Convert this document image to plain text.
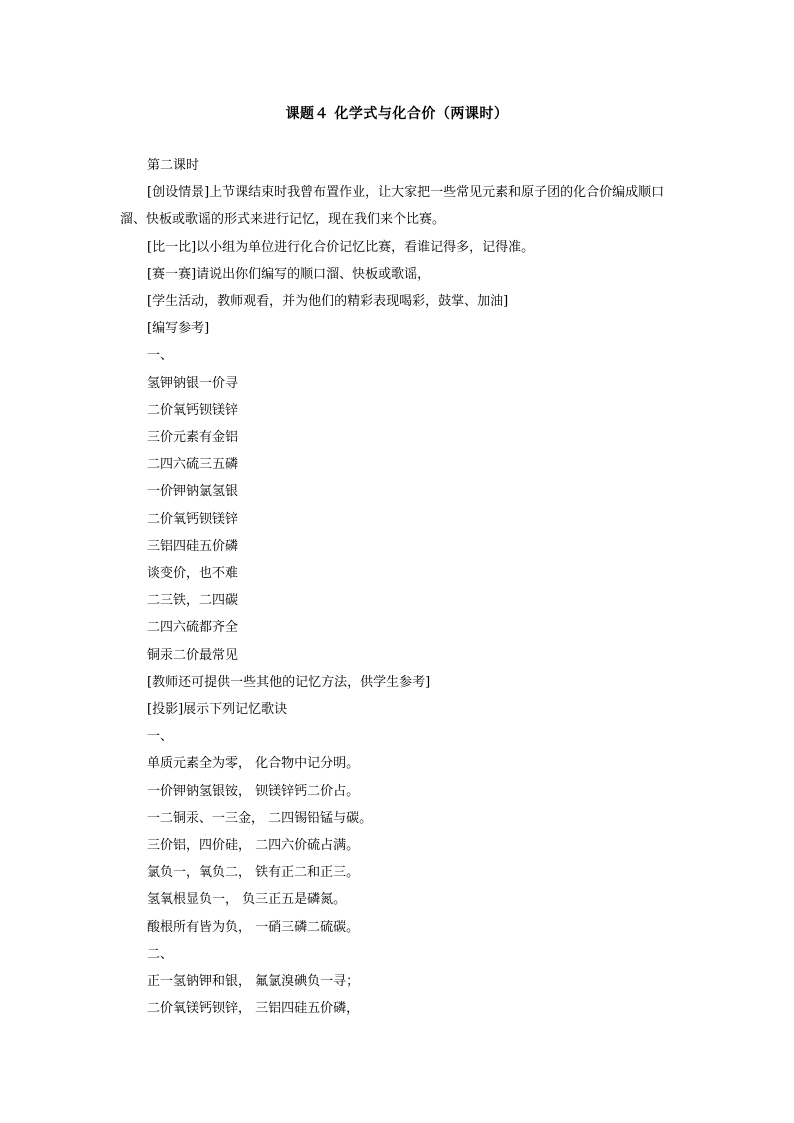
课题４ 化学式与化合价（两课时）

第二课时

[创设情景]上节课结束时我曾布置作业，让大家把一些常见元素和原子团的化合价编成顺口溜、快板或歌谣的形式来进行记忆，现在我们来个比赛。

[比一比]以小组为单位进行化合价记忆比赛，看谁记得多，记得准。

[赛一赛]请说出你们编写的顺口溜、快板或歌谣，

[学生活动，教师观看，并为他们的精彩表现喝彩，鼓掌、加油]

[编写参考]

一、

氢钾钠银一价寻

二价氧钙钡镁锌

三价元素有金铝

二四六硫三五磷

一价钾钠氯氢银

二价氧钙钡镁锌

三铝四硅五价磷

谈变价，也不难

二三铁，二四碳

二四六硫都齐全

铜汞二价最常见

[教师还可提供一些其他的记忆方法，供学生参考]

[投影]展示下列记忆歌诀

一、

单质元素全为零， 化合物中记分明。

一价钾钠氢银铵， 钡镁锌钙二价占。

一二铜汞、一三金， 二四锡铅锰与碳。

三价铝，四价硅， 二四六价硫占满。

氯负一，氧负二， 铁有正二和正三。

氢氧根显负一， 负三正五是磷氮。

酸根所有皆为负， 一硝三磷二硫碳。

二、

正一氢钠钾和银， 氟氯溴碘负一寻；

二价氧镁钙钡锌， 三铝四硅五价磷，
